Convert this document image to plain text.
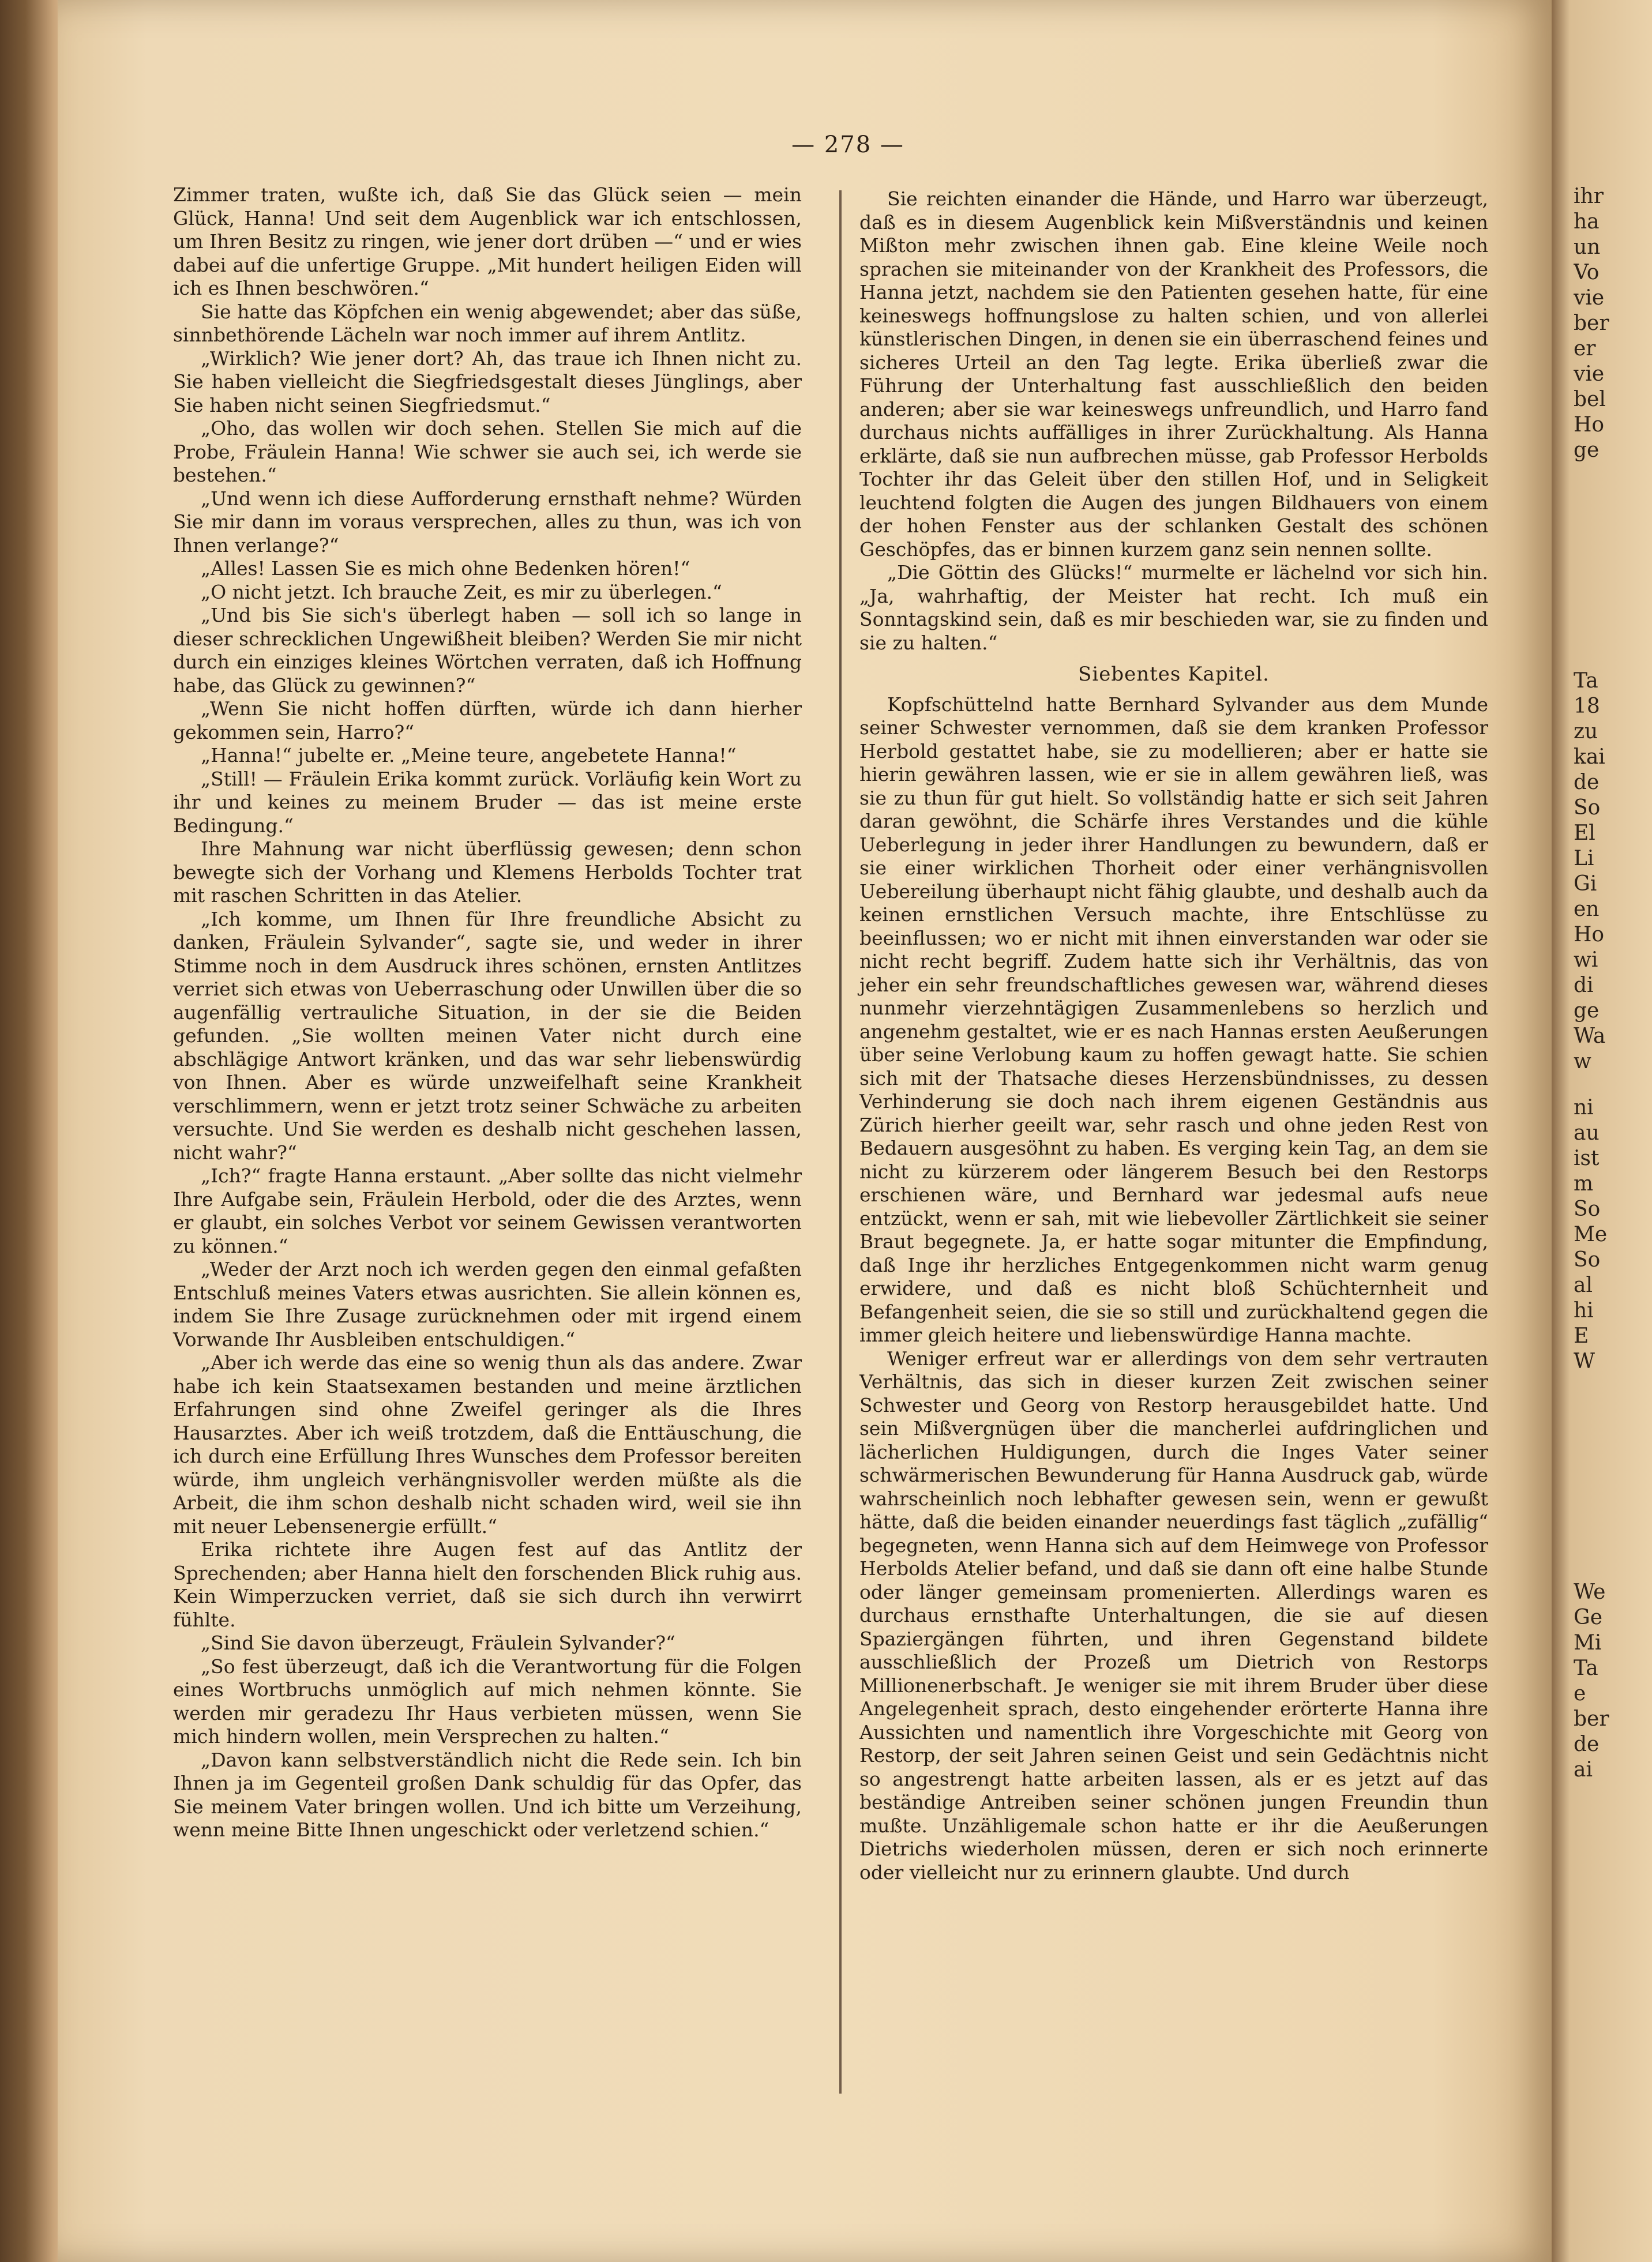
ihr
ha
un
Vo
vie
ber
er
vie
bel
Ho
ge
Ta
18
zu
kai
de
So
El
Li
Gi
en
Ho
wi
di
ge
Wa
w
ni
au
ist
m
So
Me
So
al
hi
E
W
We
Ge
Mi
Ta
e
ber
de
ai
— 278 —

Zimmer traten, wußte ich, daß Sie das Glück seien — mein Glück, Hanna! Und seit dem Augenblick war ich entschlossen, um Ihren Besitz zu ringen, wie jener dort drüben —“ und er wies dabei auf die unfertige Gruppe. „Mit hundert heiligen Eiden will ich es Ihnen beschwören.“

Sie hatte das Köpfchen ein wenig abgewendet; aber das süße, sinnbethörende Lächeln war noch immer auf ihrem Antlitz.

„Wirklich? Wie jener dort? Ah, das traue ich Ihnen nicht zu. Sie haben vielleicht die Siegfriedsgestalt dieses Jünglings, aber Sie haben nicht seinen Siegfriedsmut.“

„Oho, das wollen wir doch sehen. Stellen Sie mich auf die Probe, Fräulein Hanna! Wie schwer sie auch sei, ich werde sie bestehen.“

„Und wenn ich diese Aufforderung ernsthaft nehme? Würden Sie mir dann im voraus versprechen, alles zu thun, was ich von Ihnen verlange?“

„Alles! Lassen Sie es mich ohne Bedenken hören!“

„O nicht jetzt. Ich brauche Zeit, es mir zu überlegen.“

„Und bis Sie sich's überlegt haben — soll ich so lange in dieser schrecklichen Ungewißheit bleiben? Werden Sie mir nicht durch ein einziges kleines Wörtchen verraten, daß ich Hoffnung habe, das Glück zu gewinnen?“

„Wenn Sie nicht hoffen dürften, würde ich dann hierher gekommen sein, Harro?“

„Hanna!“ jubelte er. „Meine teure, angebetete Hanna!“

„Still! — Fräulein Erika kommt zurück. Vorläufig kein Wort zu ihr und keines zu meinem Bruder — das ist meine erste Bedingung.“

Ihre Mahnung war nicht überflüssig gewesen; denn schon bewegte sich der Vorhang und Klemens Herbolds Tochter trat mit raschen Schritten in das Atelier.

„Ich komme, um Ihnen für Ihre freundliche Absicht zu danken, Fräulein Sylvander“, sagte sie, und weder in ihrer Stimme noch in dem Ausdruck ihres schönen, ernsten Antlitzes verriet sich etwas von Ueberraschung oder Unwillen über die so augenfällig vertrauliche Situation, in der sie die Beiden gefunden. „Sie wollten meinen Vater nicht durch eine abschlägige Antwort kränken, und das war sehr liebenswürdig von Ihnen. Aber es würde unzweifelhaft seine Krankheit verschlimmern, wenn er jetzt trotz seiner Schwäche zu arbeiten versuchte. Und Sie werden es deshalb nicht geschehen lassen, nicht wahr?“

„Ich?“ fragte Hanna erstaunt. „Aber sollte das nicht vielmehr Ihre Aufgabe sein, Fräulein Herbold, oder die des Arztes, wenn er glaubt, ein solches Verbot vor seinem Gewissen verantworten zu können.“

„Weder der Arzt noch ich werden gegen den einmal gefaßten Entschluß meines Vaters etwas ausrichten. Sie allein können es, indem Sie Ihre Zusage zurücknehmen oder mit irgend einem Vorwande Ihr Ausbleiben entschuldigen.“

„Aber ich werde das eine so wenig thun als das andere. Zwar habe ich kein Staatsexamen bestanden und meine ärztlichen Erfahrungen sind ohne Zweifel geringer als die Ihres Hausarztes. Aber ich weiß trotzdem, daß die Enttäuschung, die ich durch eine Erfüllung Ihres Wunsches dem Professor bereiten würde, ihm ungleich verhängnisvoller werden müßte als die Arbeit, die ihm schon deshalb nicht schaden wird, weil sie ihn mit neuer Lebensenergie erfüllt.“

Erika richtete ihre Augen fest auf das Antlitz der Sprechenden; aber Hanna hielt den forschenden Blick ruhig aus. Kein Wimperzucken verriet, daß sie sich durch ihn verwirrt fühlte.

„Sind Sie davon überzeugt, Fräulein Sylvander?“

„So fest überzeugt, daß ich die Verantwortung für die Folgen eines Wortbruchs unmöglich auf mich nehmen könnte. Sie werden mir geradezu Ihr Haus verbieten müssen, wenn Sie mich hindern wollen, mein Versprechen zu halten.“

„Davon kann selbstverständlich nicht die Rede sein. Ich bin Ihnen ja im Gegenteil großen Dank schuldig für das Opfer, das Sie meinem Vater bringen wollen. Und ich bitte um Verzeihung, wenn meine Bitte Ihnen ungeschickt oder verletzend schien.“

Sie reichten einander die Hände, und Harro war überzeugt, daß es in diesem Augenblick kein Mißverständnis und keinen Mißton mehr zwischen ihnen gab. Eine kleine Weile noch sprachen sie miteinander von der Krankheit des Professors, die Hanna jetzt, nachdem sie den Patienten gesehen hatte, für eine keineswegs hoffnungslose zu halten schien, und von allerlei künstlerischen Dingen, in denen sie ein überraschend feines und sicheres Urteil an den Tag legte. Erika überließ zwar die Führung der Unterhaltung fast ausschließlich den beiden anderen; aber sie war keineswegs unfreundlich, und Harro fand durchaus nichts auffälliges in ihrer Zurückhaltung. Als Hanna erklärte, daß sie nun aufbrechen müsse, gab Professor Herbolds Tochter ihr das Geleit über den stillen Hof, und in Seligkeit leuchtend folgten die Augen des jungen Bildhauers von einem der hohen Fenster aus der schlanken Gestalt des schönen Geschöpfes, das er binnen kurzem ganz sein nennen sollte.

„Die Göttin des Glücks!“ murmelte er lächelnd vor sich hin. „Ja, wahrhaftig, der Meister hat recht. Ich muß ein Sonntagskind sein, daß es mir beschieden war, sie zu finden und sie zu halten.“

Siebentes Kapitel.

Kopfschüttelnd hatte Bernhard Sylvander aus dem Munde seiner Schwester vernommen, daß sie dem kranken Professor Herbold gestattet habe, sie zu modellieren; aber er hatte sie hierin gewähren lassen, wie er sie in allem gewähren ließ, was sie zu thun für gut hielt. So vollständig hatte er sich seit Jahren daran gewöhnt, die Schärfe ihres Verstandes und die kühle Ueberlegung in jeder ihrer Handlungen zu bewundern, daß er sie einer wirklichen Thorheit oder einer verhängnisvollen Uebereilung überhaupt nicht fähig glaubte, und deshalb auch da keinen ernstlichen Versuch machte, ihre Entschlüsse zu beeinflussen; wo er nicht mit ihnen einverstanden war oder sie nicht recht begriff. Zudem hatte sich ihr Verhältnis, das von jeher ein sehr freundschaftliches gewesen war, während dieses nunmehr vierzehntägigen Zusammenlebens so herzlich und angenehm gestaltet, wie er es nach Hannas ersten Aeußerungen über seine Verlobung kaum zu hoffen gewagt hatte. Sie schien sich mit der Thatsache dieses Herzensbündnisses, zu dessen Verhinderung sie doch nach ihrem eigenen Geständnis aus Zürich hierher geeilt war, sehr rasch und ohne jeden Rest von Bedauern ausgesöhnt zu haben. Es verging kein Tag, an dem sie nicht zu kürzerem oder längerem Besuch bei den Restorps erschienen wäre, und Bernhard war jedesmal aufs neue entzückt, wenn er sah, mit wie liebevoller Zärtlichkeit sie seiner Braut begegnete. Ja, er hatte sogar mitunter die Empfindung, daß Inge ihr herzliches Entgegenkommen nicht warm genug erwidere, und daß es nicht bloß Schüchternheit und Befangenheit seien, die sie so still und zurückhaltend gegen die immer gleich heitere und liebenswürdige Hanna machte.

Weniger erfreut war er allerdings von dem sehr vertrauten Verhältnis, das sich in dieser kurzen Zeit zwischen seiner Schwester und Georg von Restorp herausgebildet hatte. Und sein Mißvergnügen über die mancherlei aufdringlichen und lächerlichen Huldigungen, durch die Inges Vater seiner schwärmerischen Bewunderung für Hanna Ausdruck gab, würde wahrscheinlich noch lebhafter gewesen sein, wenn er gewußt hätte, daß die beiden einander neuerdings fast täglich „zufällig“ begegneten, wenn Hanna sich auf dem Heimwege von Professor Herbolds Atelier befand, und daß sie dann oft eine halbe Stunde oder länger gemeinsam promenierten. Allerdings waren es durchaus ernsthafte Unterhaltungen, die sie auf diesen Spaziergängen führten, und ihren Gegenstand bildete ausschließlich der Prozeß um Dietrich von Restorps Millionenerbschaft. Je weniger sie mit ihrem Bruder über diese Angelegenheit sprach, desto eingehender erörterte Hanna ihre Aussichten und namentlich ihre Vorgeschichte mit Georg von Restorp, der seit Jahren seinen Geist und sein Gedächtnis nicht so angestrengt hatte arbeiten lassen, als er es jetzt auf das beständige Antreiben seiner schönen jungen Freundin thun mußte. Unzähligemale schon hatte er ihr die Aeußerungen Dietrichs wiederholen müssen, deren er sich noch erinnerte oder vielleicht nur zu erinnern glaubte. Und durch
